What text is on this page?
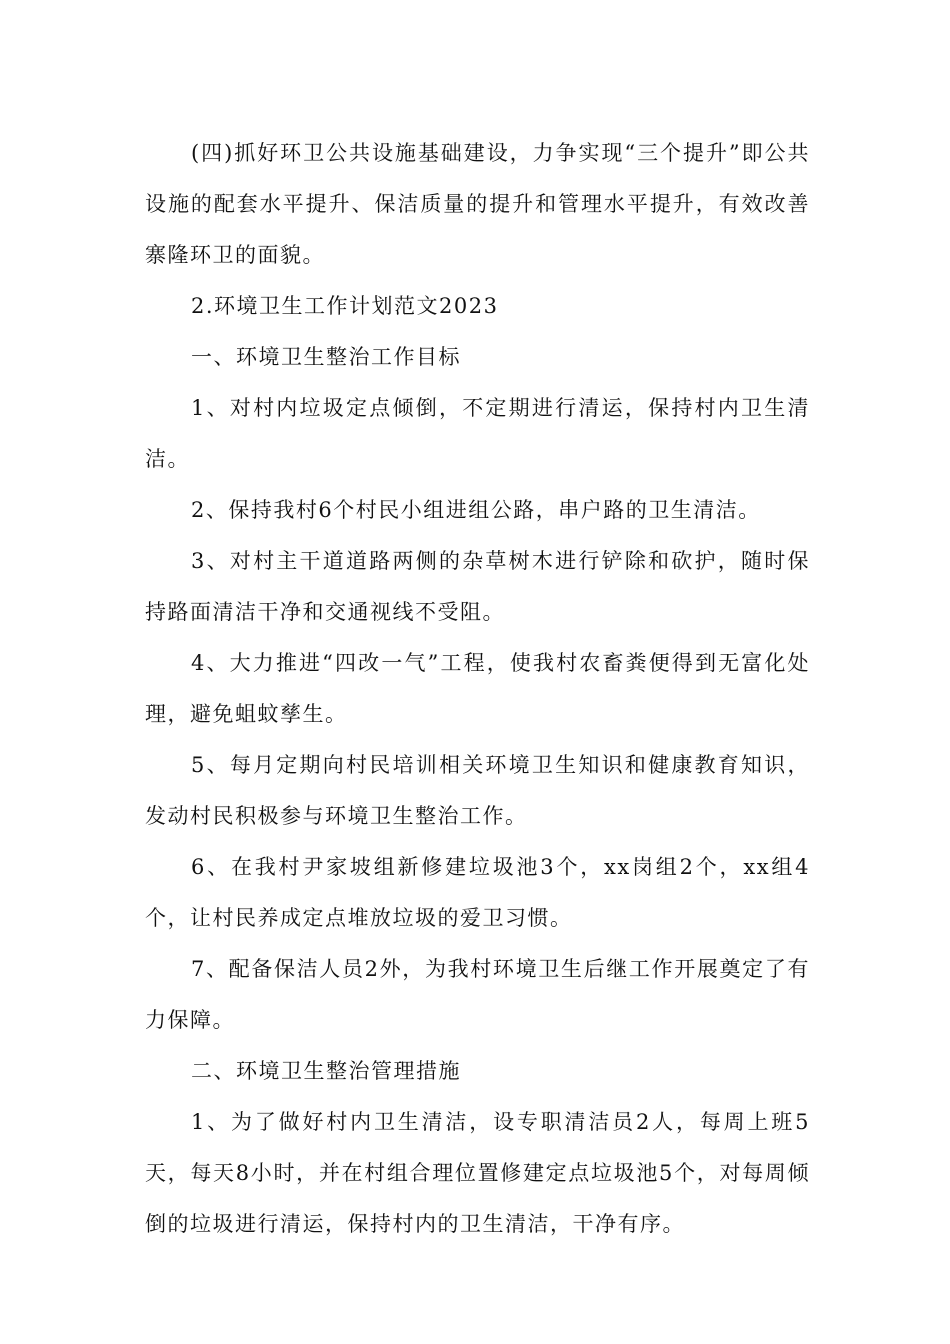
(四)抓好环卫公共设施基础建设，力争实现“三个提升”即公共设施的配套水平提升、保洁质量的提升和管理水平提升，有效改善寨隆环卫的面貌。

2.环境卫生工作计划范文2023

一、环境卫生整治工作目标

1、对村内垃圾定点倾倒，不定期进行清运，保持村内卫生清洁。

2、保持我村6个村民小组进组公路，串户路的卫生清洁。

3、对村主干道道路两侧的杂草树木进行铲除和砍护，随时保持路面清洁干净和交通视线不受阻。

4、大力推进“四改一气”工程，使我村农畜粪便得到无富化处理，避免蛆蚊孳生。

5、每月定期向村民培训相关环境卫生知识和健康教育知识，发动村民积极参与环境卫生整治工作。

6、在我村尹家坡组新修建垃圾池3个，xx岗组2个，xx组4个，让村民养成定点堆放垃圾的爱卫习惯。

7、配备保洁人员2外，为我村环境卫生后继工作开展奠定了有力保障。

二、环境卫生整治管理措施

1、为了做好村内卫生清洁，设专职清洁员2人，每周上班5天，每天8小时，并在村组合理位置修建定点垃圾池5个，对每周倾倒的垃圾进行清运，保持村内的卫生清洁，干净有序。
